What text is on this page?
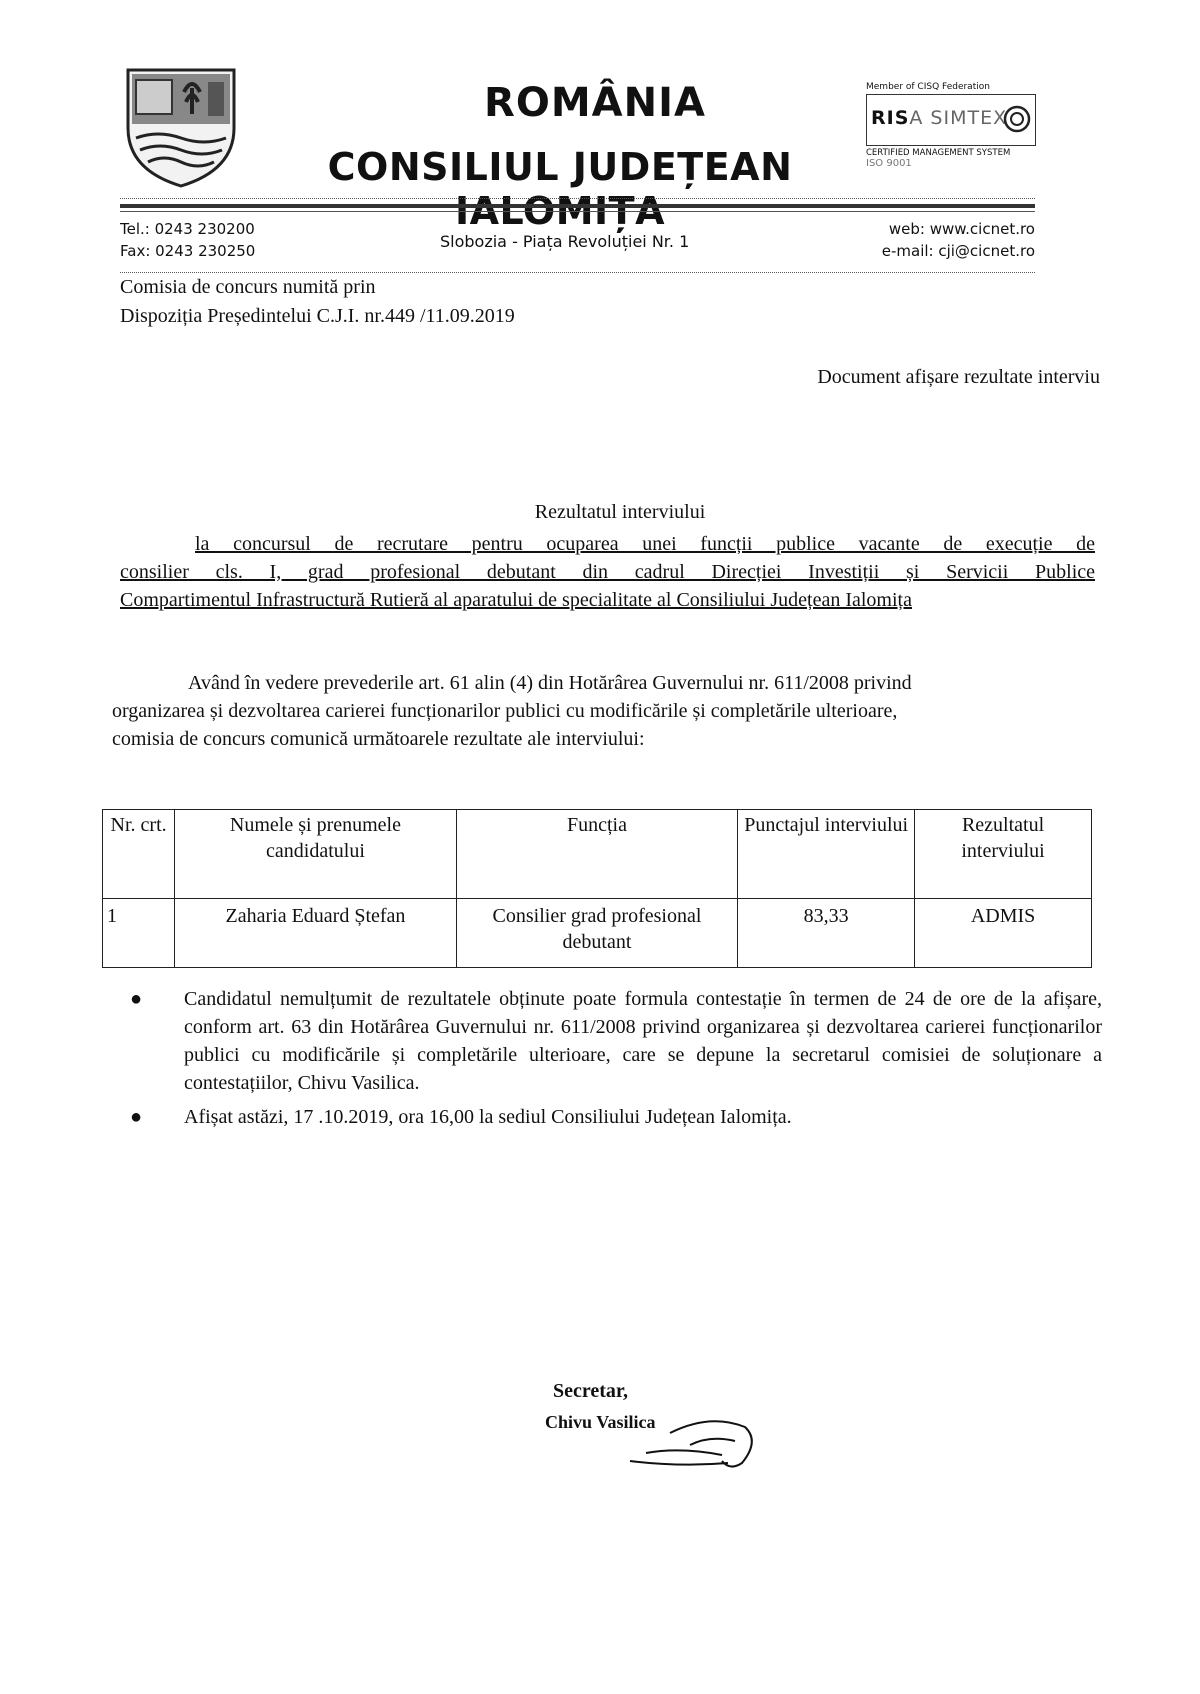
ROMÂNIA
CONSILIUL JUDEȚEAN
Member of CISQ Federation
RISA SIMTEX
CERTIFIED MANAGEMENT SYSTEM
ISO 9001
Tel.: 0243 230200
Fax: 0243 230250	Slobozia - Piața Revoluției Nr. 1
web: www.cicnet.ro
e-mail: cji@cicnet.ro
Comisia de concurs numită prin
Dispoziția Președintelui C.J.I. nr.449 /11.09.2019
Document afișare rezultate interviu
Rezultatul interviului
la concursul de recrutare pentru ocuparea unei funcții publice vacante de execuție de
consilier cls. I, grad profesional debutant din cadrul Direcției Investiții și Servicii Publice
Compartimentul Infrastructură Rutieră al aparatului de specialitate al Consiliului Județean Ialomița
Având în vedere prevederile art. 61 alin (4) din Hotărârea Guvernului nr. 611/2008 privind
organizarea și dezvoltarea carierei funcționarilor publici cu modificările și completările ulterioare,
comisia de concurs comunică următoarele rezultate ale interviului:
Nr. crt.	Numele și prenumele candidatului	Funcția	Punctajul interviului	Rezultatul interviului
1	Zaharia Eduard Ștefan	Consilier grad profesional debutant	83,33	ADMIS
● Candidatul nemulțumit de rezultatele obținute poate formula contestație în termen de 24 de ore de la afișare, conform art. 63 din Hotărârea Guvernului nr. 611/2008 privind organizarea și dezvoltarea carierei funcționarilor publici cu modificările și completările ulterioare, care se depune la secretarul comisiei de soluționare a contestațiilor, Chivu Vasilica.
● Afișat astăzi, 17 .10.2019, ora 16,00 la sediul Consiliului Județean Ialomița.
Secretar,
Chivu Vasilica
